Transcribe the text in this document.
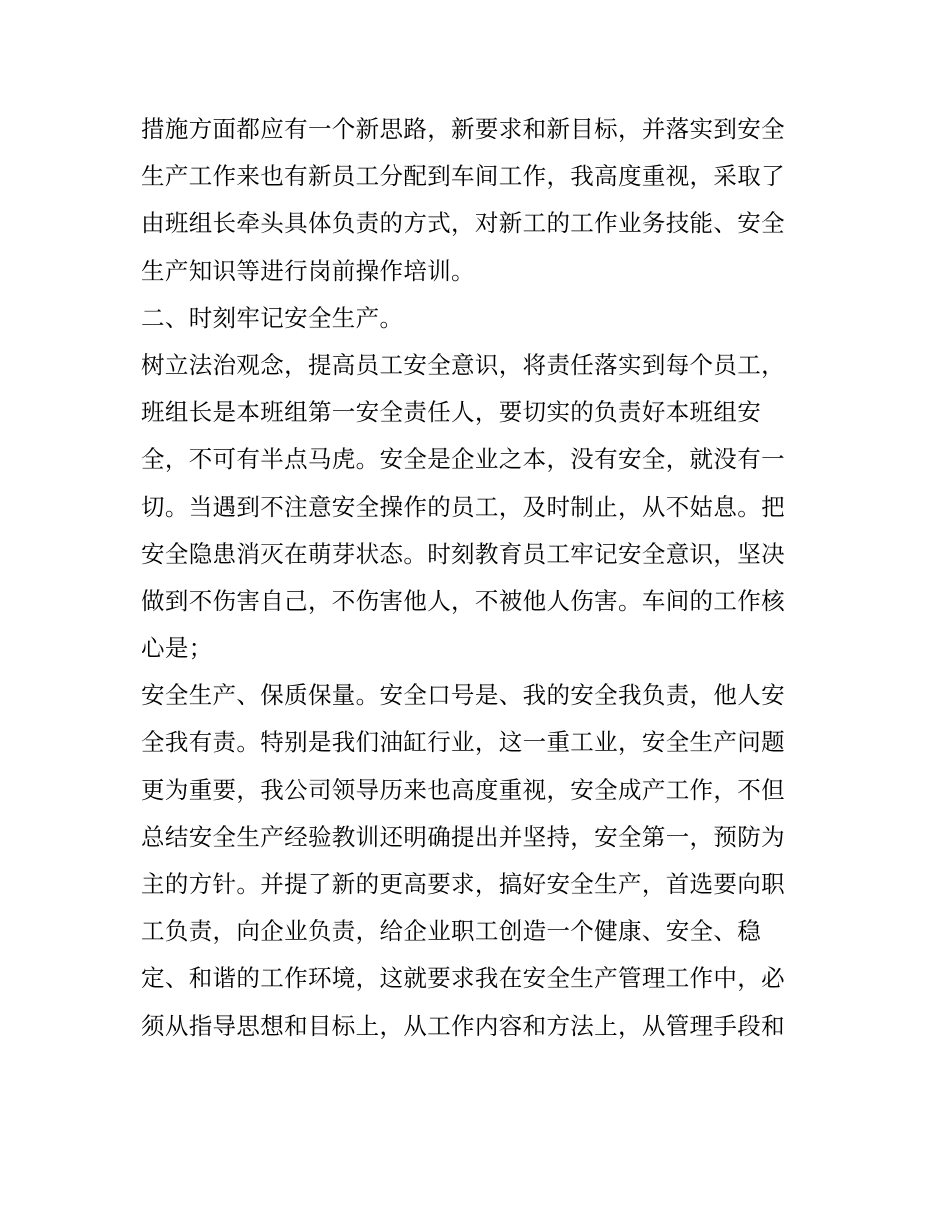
措施方面都应有一个新思路，新要求和新目标，并落实到安全
生产工作来也有新员工分配到车间工作，我高度重视，采取了
由班组长牵头具体负责的方式，对新工的工作业务技能、安全
生产知识等进行岗前操作培训。
二、时刻牢记安全生产。
树立法治观念，提高员工安全意识，将责任落实到每个员工，
班组长是本班组第一安全责任人，要切实的负责好本班组安
全，不可有半点马虎。安全是企业之本，没有安全，就没有一
切。当遇到不注意安全操作的员工，及时制止，从不姑息。把
安全隐患消灭在萌芽状态。时刻教育员工牢记安全意识，坚决
做到不伤害自己，不伤害他人，不被他人伤害。车间的工作核
心是；
安全生产、保质保量。安全口号是、我的安全我负责，他人安
全我有责。特别是我们油缸行业，这一重工业，安全生产问题
更为重要，我公司领导历来也高度重视，安全成产工作，不但
总结安全生产经验教训还明确提出并坚持，安全第一，预防为
主的方针。并提了新的更高要求，搞好安全生产，首选要向职
工负责，向企业负责，给企业职工创造一个健康、安全、稳
定、和谐的工作环境，这就要求我在安全生产管理工作中，必
须从指导思想和目标上，从工作内容和方法上，从管理手段和
